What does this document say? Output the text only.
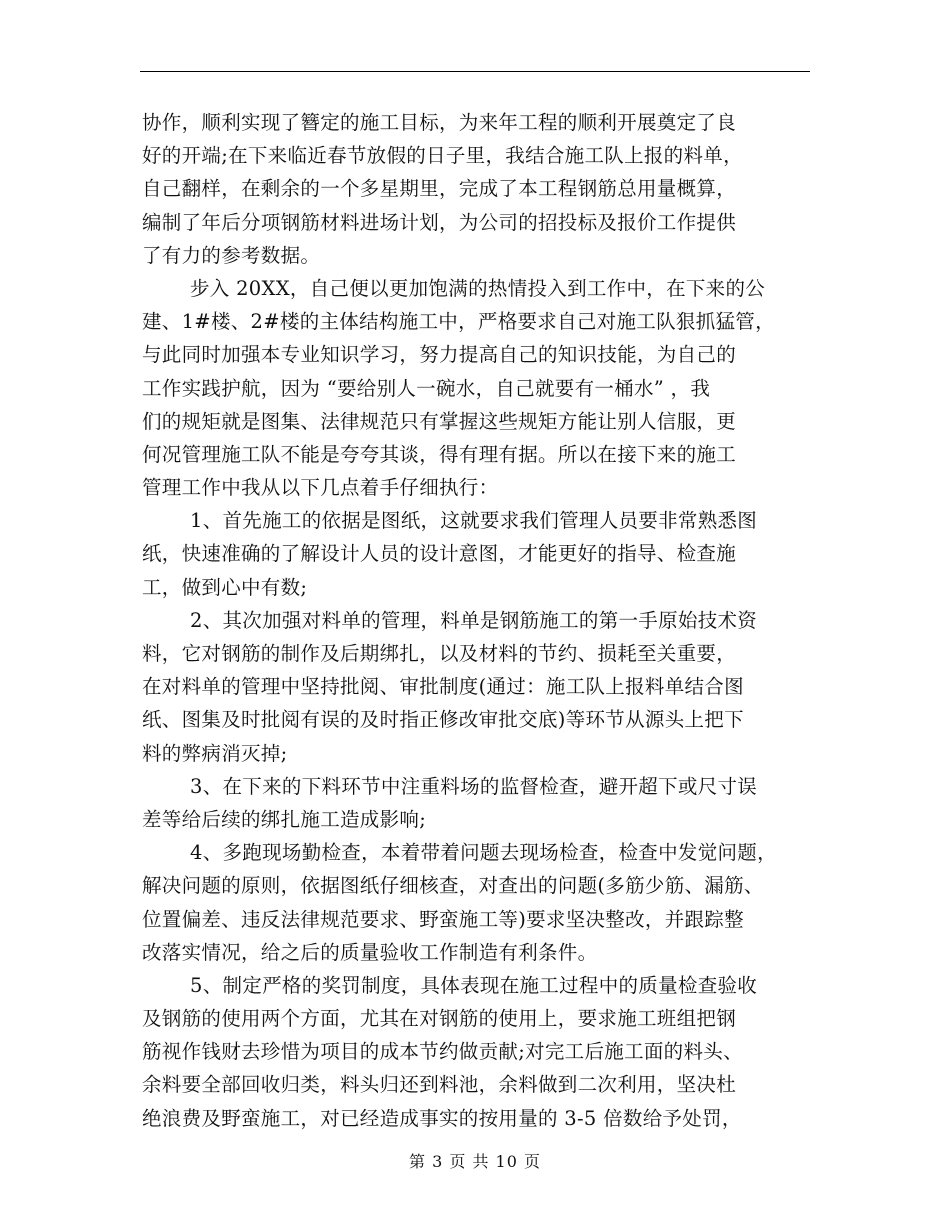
协作，顺利实现了簪定的施工目标，为来年工程的顺利开展奠定了良
好的开端;在下来临近春节放假的日子里，我结合施工队上报的料单，
自己翻样，在剩余的一个多星期里，完成了本工程钢筋总用量概算，
编制了年后分项钢筋材料进场计划，为公司的招投标及报价工作提供
了有力的参考数据。
步入 20XX，自己便以更加饱满的热情投入到工作中，在下来的公
建、1#楼、2#楼的主体结构施工中，严格要求自己对施工队狠抓猛管，
与此同时加强本专业知识学习，努力提高自己的知识技能，为自己的
工作实践护航，因为 “要给别人一碗水，自己就要有一桶水” ，我
们的规矩就是图集、法律规范只有掌握这些规矩方能让别人信服，更
何况管理施工队不能是夸夸其谈，得有理有据。所以在接下来的施工
管理工作中我从以下几点着手仔细执行：
1、首先施工的依据是图纸，这就要求我们管理人员要非常熟悉图
纸，快速准确的了解设计人员的设计意图，才能更好的指导、检查施
工，做到心中有数;
2、其次加强对料单的管理，料单是钢筋施工的第一手原始技术资
料，它对钢筋的制作及后期绑扎，以及材料的节约、损耗至关重要，
在对料单的管理中坚持批阅、审批制度(通过：施工队上报料单结合图
纸、图集及时批阅有误的及时指正修改审批交底)等环节从源头上把下
料的弊病消灭掉;
3、在下来的下料环节中注重料场的监督检查，避开超下或尺寸误
差等给后续的绑扎施工造成影响;
4、多跑现场勤检查，本着带着问题去现场检查，检查中发觉问题，
解决问题的原则，依据图纸仔细核查，对查出的问题(多筋少筋、漏筋、
位置偏差、违反法律规范要求、野蛮施工等)要求坚决整改，并跟踪整
改落实情况，给之后的质量验收工作制造有利条件。
5、制定严格的奖罚制度，具体表现在施工过程中的质量检查验收
及钢筋的使用两个方面，尤其在对钢筋的使用上，要求施工班组把钢
筋视作钱财去珍惜为项目的成本节约做贡献;对完工后施工面的料头、
余料要全部回收归类，料头归还到料池，余料做到二次利用，坚决杜
绝浪费及野蛮施工，对已经造成事实的按用量的 3-5 倍数给予处罚，
第 3 页 共 10 页
